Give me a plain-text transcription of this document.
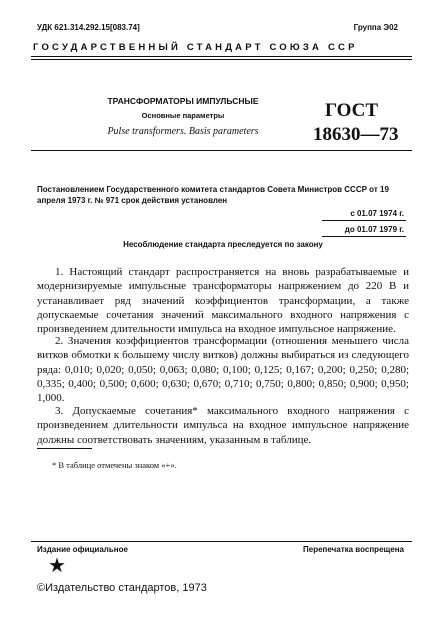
УДК 621.314.292.15[083.74]	Группа Э02
ГОСУДАРСТВЕННЫЙ СТАНДАРТ СОЮЗА ССР
ТРАНСФОРМАТОРЫ ИМПУЛЬСНЫЕ
Основные параметры
Pulse transformers. Basis parameters
ГОСТ
18630—73
Постановлением Государственного комитета стандартов Совета Министров СССР от 19 апреля 1973 г. № 971 срок действия установлен
с 01.07 1974 г.
до 01.07 1979 г.
Несоблюдение стандарта преследуется по закону

1. Настоящий стандарт распространяется на вновь разрабатываемые и модернизируемые импульсные трансформаторы напряжением до 220 В и устанавливает ряд значений коэффициентов трансформации, а также допускаемые сочетания значений максимального входного напряжения с произведением длительности импульса на входное импульсное напряжение.

2. Значения коэффициентов трансформации (отношения меньшего числа витков обмотки к большему числу витков) должны выбираться из следующего ряда: 0,010; 0,020; 0,050; 0,063; 0,080; 0,100; 0,125; 0,167; 0,200; 0,250; 0,280; 0,335; 0,400; 0,500; 0,600; 0,630; 0,670; 0,710; 0,750; 0,800; 0,850; 0,900; 0,950; 1,000.

3. Допускаемые сочетания* максимального входного напряжения с произведением длительности импульса на входное импульсное напряжение должны соответствовать значениям, указанным в таблице.

* В таблице отмечены знаком «+».
Издание официальное	Перепечатка воспрещена
★
©Издательство стандартов, 1973
